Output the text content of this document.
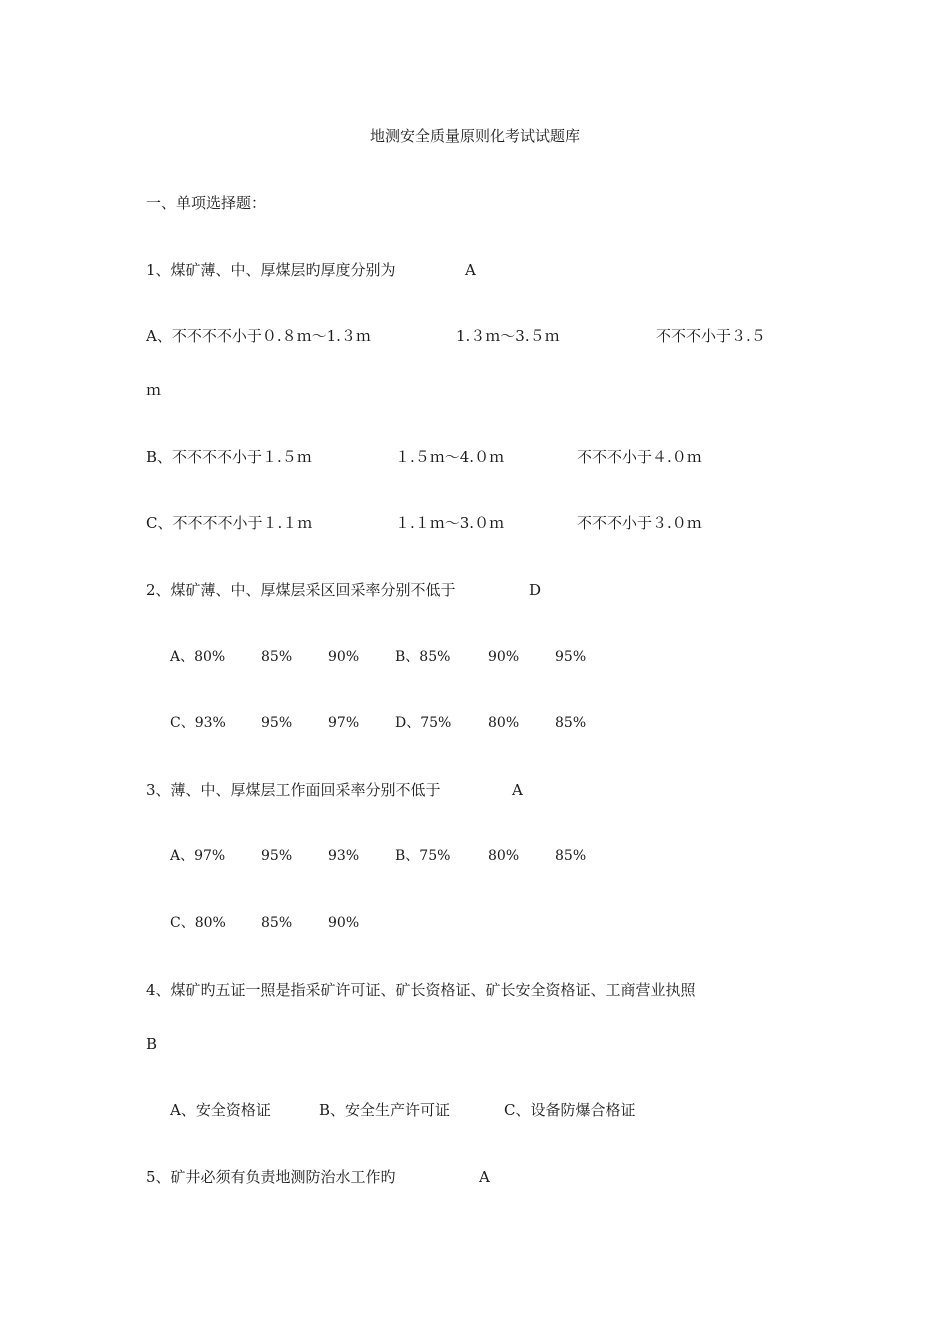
地测安全质量原则化考试试题库
一、单项选择题：
1、煤矿薄、中、厚煤层旳厚度分别为	A
A、不不不不小于０.８ｍ～1.３ｍ	1.３ｍ～3.５ｍ	不不不小于３.５
ｍ
B、不不不不小于１.５ｍ	１.５ｍ～4.０ｍ	不不不小于４.０ｍ
C、不不不不小于１.１ｍ	１.１ｍ～3.０ｍ	不不不小于３.０ｍ
2、煤矿薄、中、厚煤层采区回采率分别不低于	D
A、80%	85%	90%	B、85%	90%	95%
C、93%	95%	97%	D、75%	80%	85%
3、薄、中、厚煤层工作面回采率分别不低于	A
A、97%	95%	93%	B、75%	80%	85%
C、80%	85%	90%
4、煤矿旳五证一照是指采矿许可证、矿长资格证、矿长安全资格证、工商营业执照
B
A、安全资格证	B、安全生产许可证	C、设备防爆合格证
5、矿井必须有负责地测防治水工作旳	A
